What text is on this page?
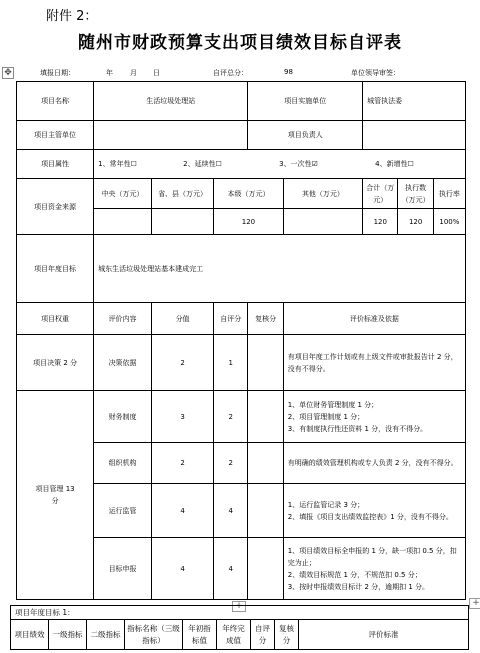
附件 2：
随州市财政预算支出项目绩效目标自评表
✥	填报日期：	年 月 日	自评总分：	98	单位领导审签：
项目名称	生活垃圾处理站			项目实施单位		城管执法委		
项目主管单位				项目负责人				
项目属性	1、常年性☐ 2、延续性☐ 3、一次性☑ 4、新增性☐							
项目资金来源	中央（万元）	省、县（万元）	本级（万元）		其他（万元）	合计（万元）	执行数（万元）	执行率
			120			120	120	100%
项目年度目标	城东生活垃圾处理站基本建成完工							
项目权重	评价内容	分值	自评分	复核分	评价标准及依据			
项目决策 2 分	决策依据	2	1		有项目年度工作计划或有上级文件或审批报告计 2 分，没有不得分。			
项目管理 13 分	财务制度	3	2		1、单位财务管理制度 1 分；
2、项目管理制度 1 分；
3、有制度执行性还资料 1 分，没有不得分。			
	组织机构	2	2		有明确的绩效管理机构或专人负责 2 分，没有不得分。			
	运行监管	4	4		1、运行监管记录 3 分；
2、填报《项目支出绩效监控表》1 分，没有不得分。			
	目标申报	4	4		1、项目绩效目标全申报的 1 分，缺一项扣 0.5 分，扣完为止；
2、绩效目标规范 1 分，不规范扣 0.5 分；
3、按时申报绩效目标计 2 分，逾期扣 1 分。			
+
项目年度目标 1：
项目绩效	一级指标	二级指标	指标名称（三级指标）	年初指标值	年终完成值	自评分	复核分	评价标准
+
